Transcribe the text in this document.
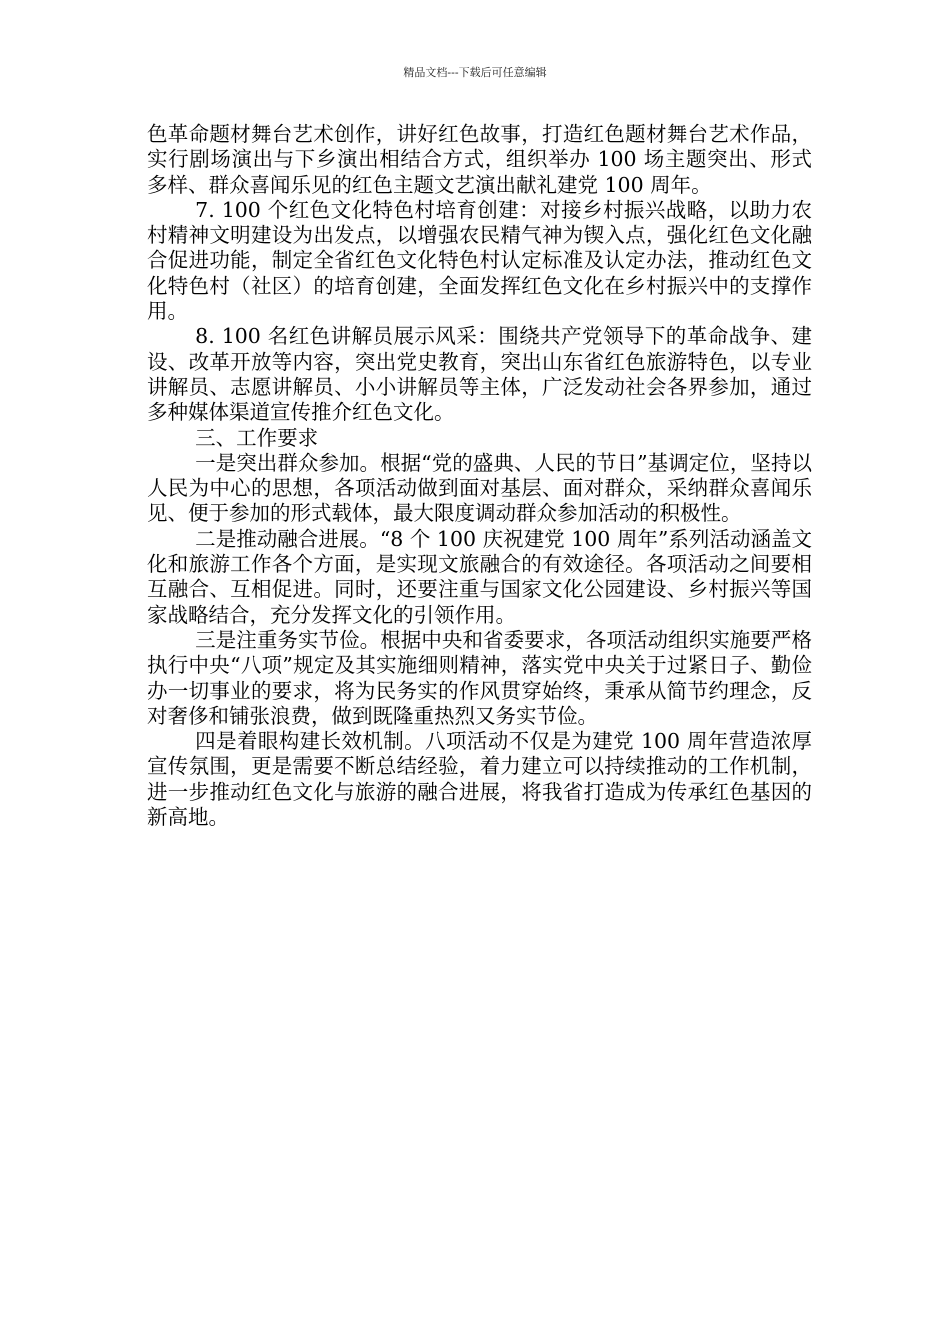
精品文档---下载后可任意编辑

色革命题材舞台艺术创作，讲好红色故事，打造红色题材舞台艺术作品，实行剧场演出与下乡演出相结合方式，组织举办 100 场主题突出、形式多样、群众喜闻乐见的红色主题文艺演出献礼建党 100 周年。

7. 100 个红色文化特色村培育创建：对接乡村振兴战略，以助力农村精神文明建设为出发点，以增强农民精气神为锲入点，强化红色文化融合促进功能，制定全省红色文化特色村认定标准及认定办法，推动红色文化特色村（社区）的培育创建，全面发挥红色文化在乡村振兴中的支撑作用。

8. 100 名红色讲解员展示风采：围绕共产党领导下的革命战争、建设、改革开放等内容，突出党史教育，突出山东省红色旅游特色，以专业讲解员、志愿讲解员、小小讲解员等主体，广泛发动社会各界参加，通过多种媒体渠道宣传推介红色文化。

三、工作要求

一是突出群众参加。根据“党的盛典、人民的节日”基调定位，坚持以人民为中心的思想，各项活动做到面对基层、面对群众，采纳群众喜闻乐见、便于参加的形式载体，最大限度调动群众参加活动的积极性。

二是推动融合进展。“8 个 100 庆祝建党 100 周年”系列活动涵盖文化和旅游工作各个方面，是实现文旅融合的有效途径。各项活动之间要相互融合、互相促进。同时，还要注重与国家文化公园建设、乡村振兴等国家战略结合，充分发挥文化的引领作用。

三是注重务实节俭。根据中央和省委要求，各项活动组织实施要严格执行中央“八项”规定及其实施细则精神，落实党中央关于过紧日子、勤俭办一切事业的要求，将为民务实的作风贯穿始终，秉承从简节约理念，反对奢侈和铺张浪费，做到既隆重热烈又务实节俭。

四是着眼构建长效机制。八项活动不仅是为建党 100 周年营造浓厚宣传氛围，更是需要不断总结经验，着力建立可以持续推动的工作机制，进一步推动红色文化与旅游的融合进展，将我省打造成为传承红色基因的新高地。
